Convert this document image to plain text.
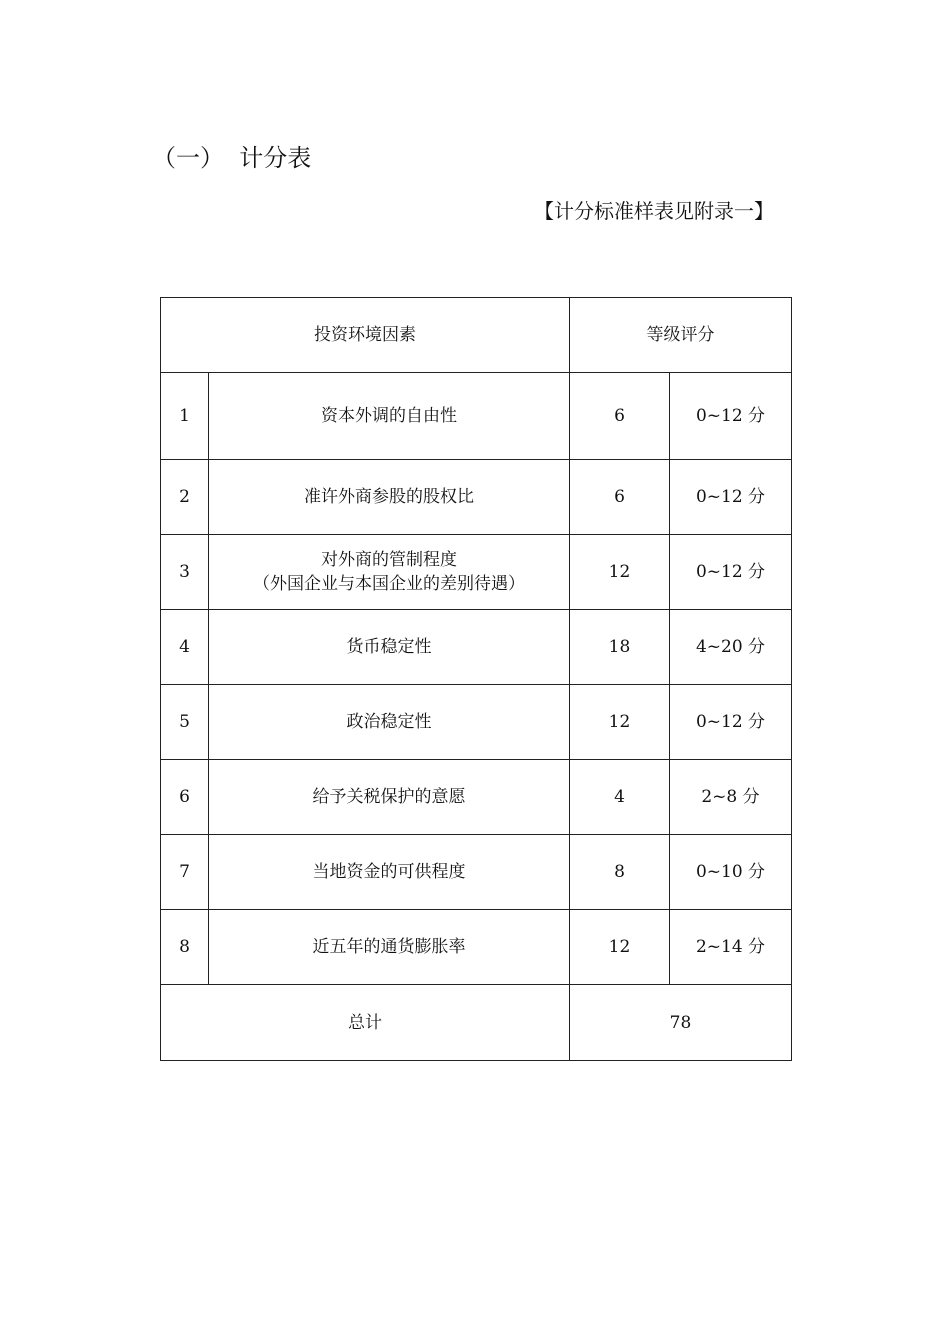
（一） 计分表
【计分标准样表见附录一】
投资环境因素		等级评分	
1	资本外调的自由性	6	0~12 分
2	准许外商参股的股权比	6	0~12 分
3	对外商的管制程度
（外国企业与本国企业的差别待遇）	12	0~12 分
4	货币稳定性	18	4~20 分
5	政治稳定性	12	0~12 分
6	给予关税保护的意愿	4	2~8 分
7	当地资金的可供程度	8	0~10 分
8	近五年的通货膨胀率	12	2~14 分
总计		78	
